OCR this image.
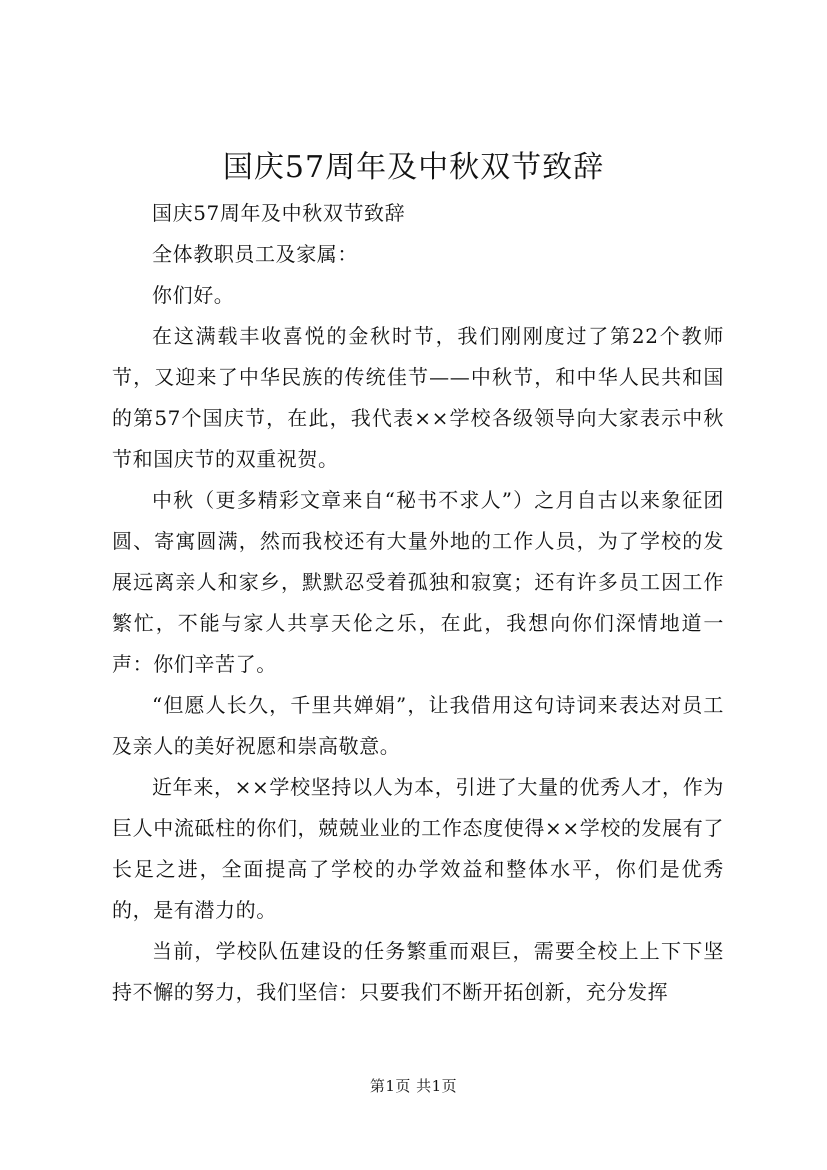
国庆57周年及中秋双节致辞

国庆57周年及中秋双节致辞

全体教职员工及家属：

你们好。

在这满载丰收喜悦的金秋时节，我们刚刚度过了第22个教师节，又迎来了中华民族的传统佳节——中秋节，和中华人民共和国的第57个国庆节，在此，我代表××学校各级领导向大家表示中秋节和国庆节的双重祝贺。

中秋（更多精彩文章来自“秘书不求人”）之月自古以来象征团圆、寄寓圆满，然而我校还有大量外地的工作人员，为了学校的发展远离亲人和家乡，默默忍受着孤独和寂寞；还有许多员工因工作繁忙，不能与家人共享天伦之乐，在此，我想向你们深情地道一声：你们辛苦了。

“但愿人长久，千里共婵娟”，让我借用这句诗词来表达对员工及亲人的美好祝愿和崇高敬意。

近年来，××学校坚持以人为本，引进了大量的优秀人才，作为巨人中流砥柱的你们，兢兢业业的工作态度使得××学校的发展有了长足之进，全面提高了学校的办学效益和整体水平，你们是优秀的，是有潜力的。

当前，学校队伍建设的任务繁重而艰巨，需要全校上上下下坚持不懈的努力，我们坚信：只要我们不断开拓创新，充分发挥

第1页 共1页
